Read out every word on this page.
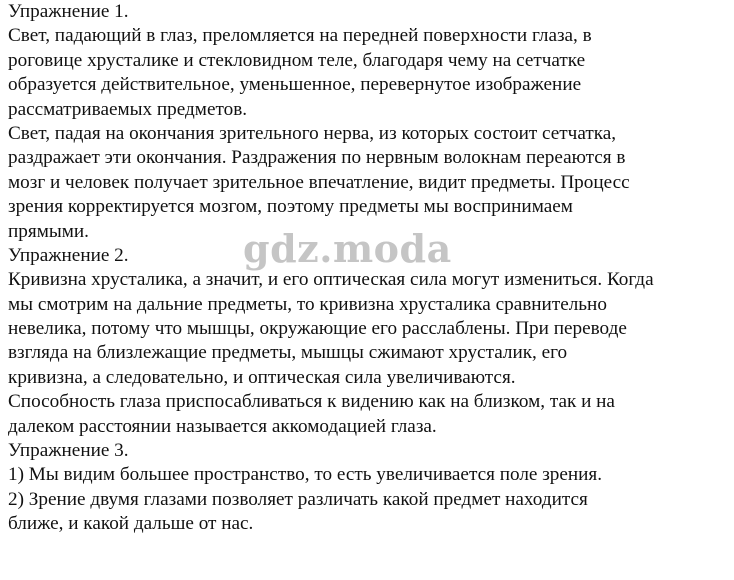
Упражнение 1.
Свет, падающий в глаз, преломляется на передней поверхности глаза, в
роговице хрусталике и стекловидном теле, благодаря чему на сетчатке
образуется действительное, уменьшенное, перевернутое изображение
рассматриваемых предметов.
Свет, падая на окончания зрительного нерва, из которых состоит сетчатка,
раздражает эти окончания. Раздражения по нервным волокнам переаются в
мозг и человек получает зрительное впечатление, видит предметы. Процесс
зрения корректируется мозгом, поэтому предметы мы воспринимаем
прямыми.
Упражнение 2.
Кривизна хрусталика, а значит, и его оптическая сила могут измениться. Когда
мы смотрим на дальние предметы, то кривизна хрусталика сравнительно
невелика, потому что мышцы, окружающие его расслаблены. При переводе
взгляда на близлежащие предметы, мышцы сжимают хрусталик, его
кривизна, а следовательно, и оптическая сила увеличиваются.
Способность глаза приспосабливаться к видению как на близком, так и на
далеком расстоянии называется аккомодацией глаза.
Упражнение 3.
1) Мы видим большее пространство, то есть увеличивается поле зрения.
2) Зрение двумя глазами позволяет различать какой предмет находится
ближе, и какой дальше от нас.
gdz.moda
